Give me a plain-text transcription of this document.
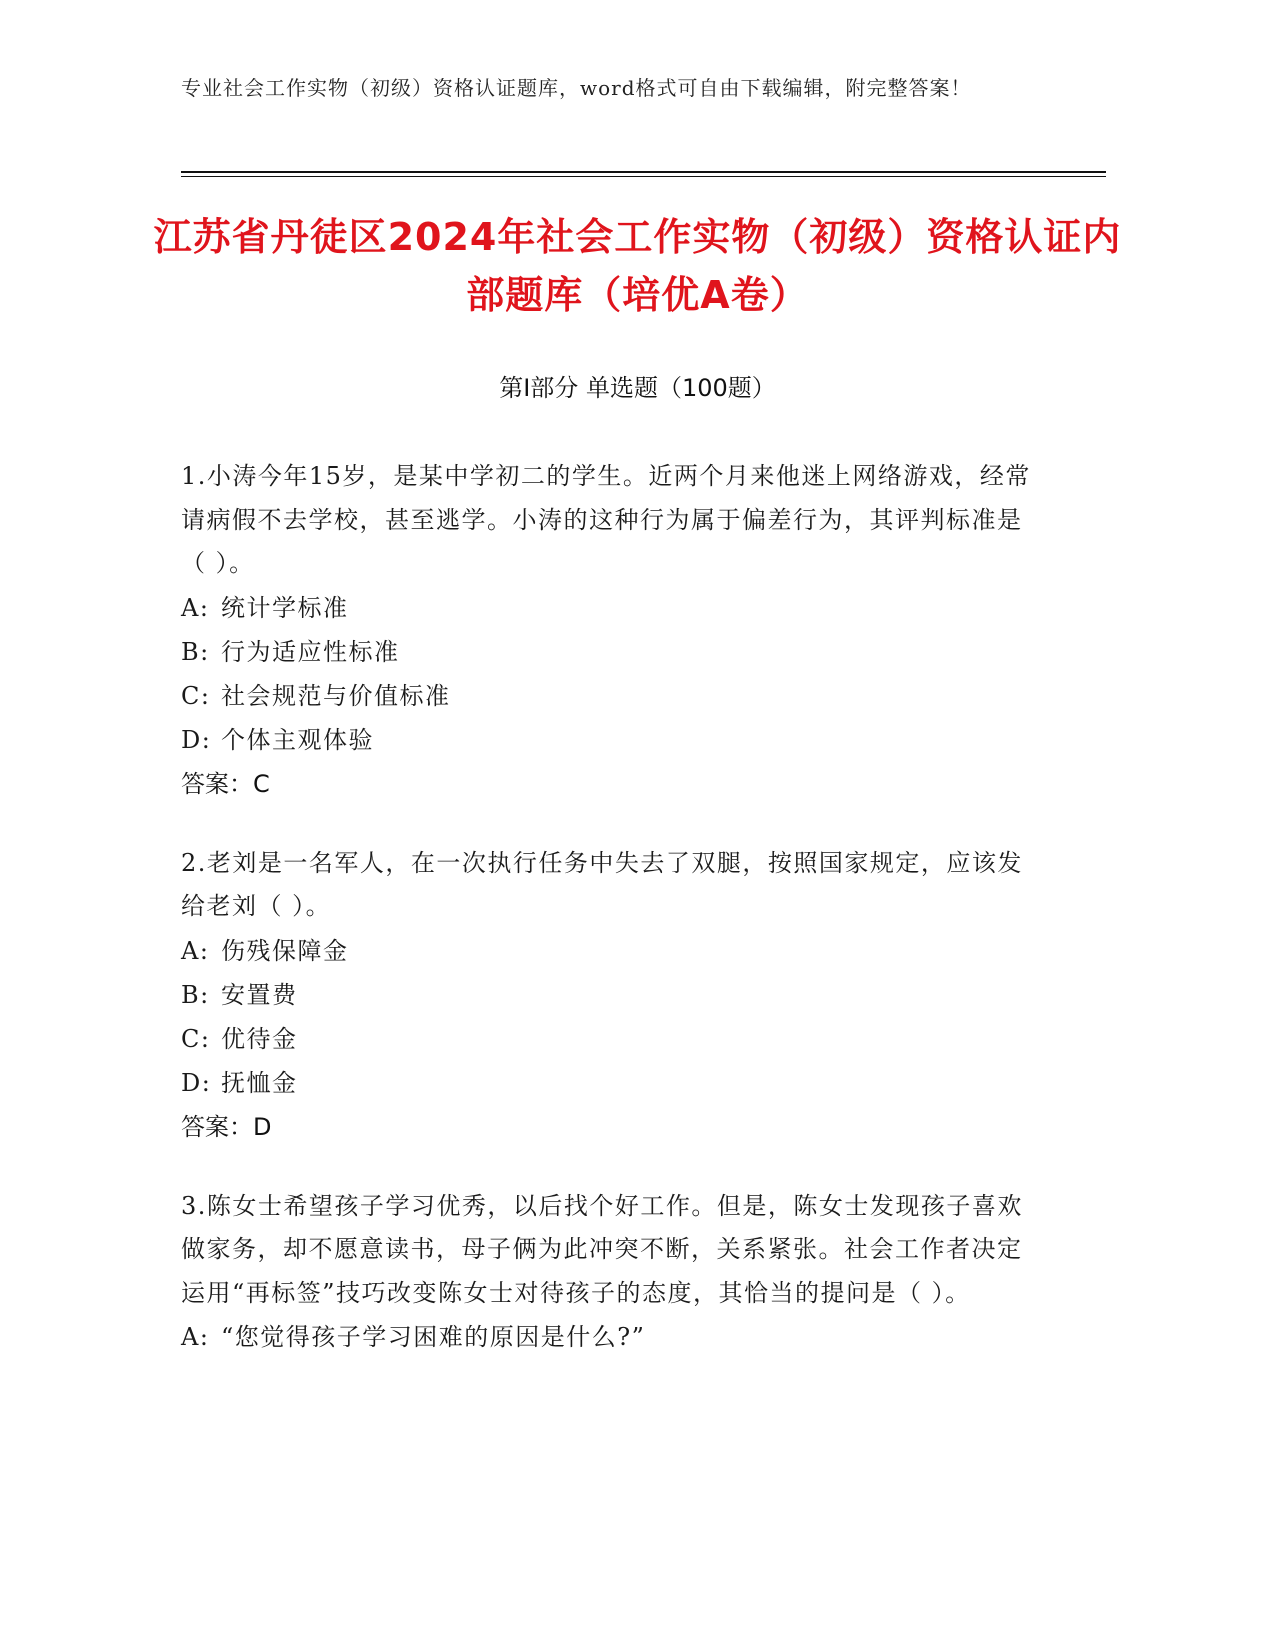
专业社会工作实物（初级）资格认证题库，word格式可自由下载编辑，附完整答案！
江苏省丹徒区2024年社会工作实物（初级）资格认证内部题库（培优A卷）
第Ⅰ部分 单选题（100题）
1.小涛今年15岁，是某中学初二的学生。近两个月来他迷上网络游戏，经常请病假不去学校，甚至逃学。小涛的这种行为属于偏差行为，其评判标准是（ ）。
A: 统计学标准
B: 行为适应性标准
C: 社会规范与价值标准
D: 个体主观体验
答案：C
2.老刘是一名军人，在一次执行任务中失去了双腿，按照国家规定，应该发给老刘（ ）。
A: 伤残保障金
B: 安置费
C: 优待金
D: 抚恤金
答案：D
3.陈女士希望孩子学习优秀，以后找个好工作。但是，陈女士发现孩子喜欢做家务，却不愿意读书，母子俩为此冲突不断，关系紧张。社会工作者决定运用“再标签”技巧改变陈女士对待孩子的态度，其恰当的提问是（ ）。
A: “您觉得孩子学习困难的原因是什么?”
